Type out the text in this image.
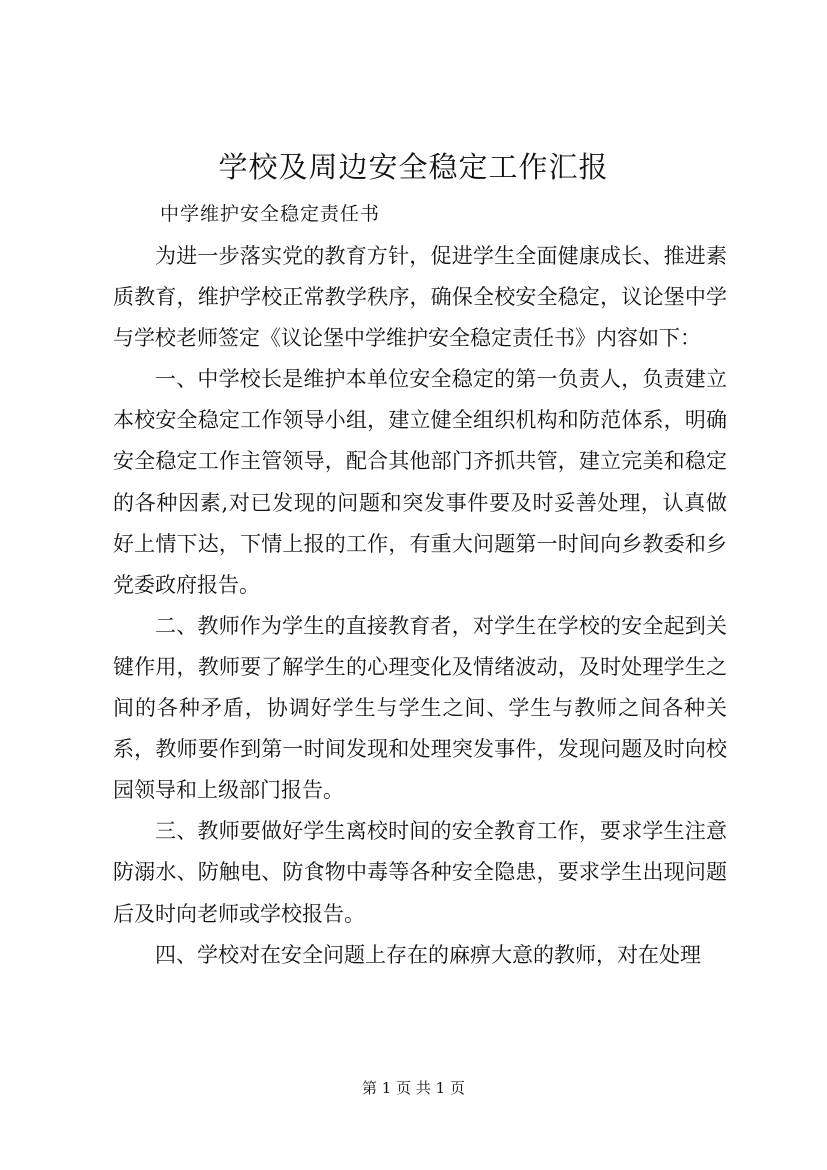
学校及周边安全稳定工作汇报
中学维护安全稳定责任书

为进一步落实党的教育方针，促进学生全面健康成长、推进素质教育，维护学校正常教学秩序，确保全校安全稳定，议论堡中学与学校老师签定《议论堡中学维护安全稳定责任书》内容如下：

一、中学校长是维护本单位安全稳定的第一负责人，负责建立本校安全稳定工作领导小组，建立健全组织机构和防范体系，明确安全稳定工作主管领导，配合其他部门齐抓共管，建立完美和稳定的各种因素,对已发现的问题和突发事件要及时妥善处理，认真做好上情下达，下情上报的工作，有重大问题第一时间向乡教委和乡党委政府报告。

二、教师作为学生的直接教育者，对学生在学校的安全起到关键作用，教师要了解学生的心理变化及情绪波动，及时处理学生之间的各种矛盾，协调好学生与学生之间、学生与教师之间各种关系，教师要作到第一时间发现和处理突发事件，发现问题及时向校园领导和上级部门报告。

三、教师要做好学生离校时间的安全教育工作，要求学生注意防溺水、防触电、防食物中毒等各种安全隐患，要求学生出现问题后及时向老师或学校报告。

四、学校对在安全问题上存在的麻痹大意的教师，对在处理

第 1 页 共 1 页
